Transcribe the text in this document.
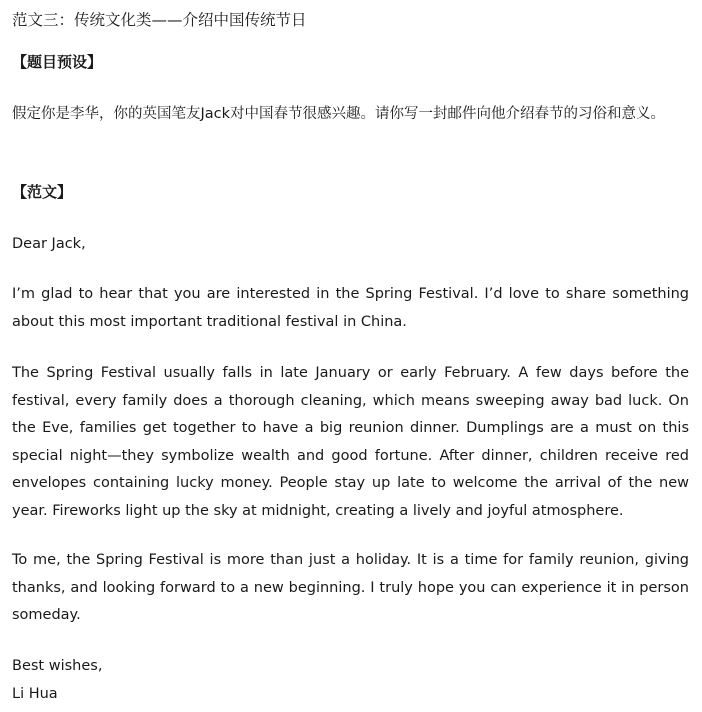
范文三：传统文化类——介绍中国传统节日
【题目预设】

假定你是李华，你的英国笔友Jack对中国春节很感兴趣。请你写一封邮件向他介绍春节的习俗和意义。

【范文】
Dear Jack,

I’m glad to hear that you are interested in the Spring Festival. I’d love to share something about this most important traditional festival in China.

The Spring Festival usually falls in late January or early February. A few days before the festival, every family does a thorough cleaning, which means sweeping away bad luck. On the Eve, families get together to have a big reunion dinner. Dumplings are a must on this special night—they symbolize wealth and good fortune. After dinner, children receive red envelopes containing lucky money. People stay up late to welcome the arrival of the new year. Fireworks light up the sky at midnight, creating a lively and joyful atmosphere.

To me, the Spring Festival is more than just a holiday. It is a time for family reunion, giving thanks, and looking forward to a new beginning. I truly hope you can experience it in person someday.

Best wishes,
Li Hua
